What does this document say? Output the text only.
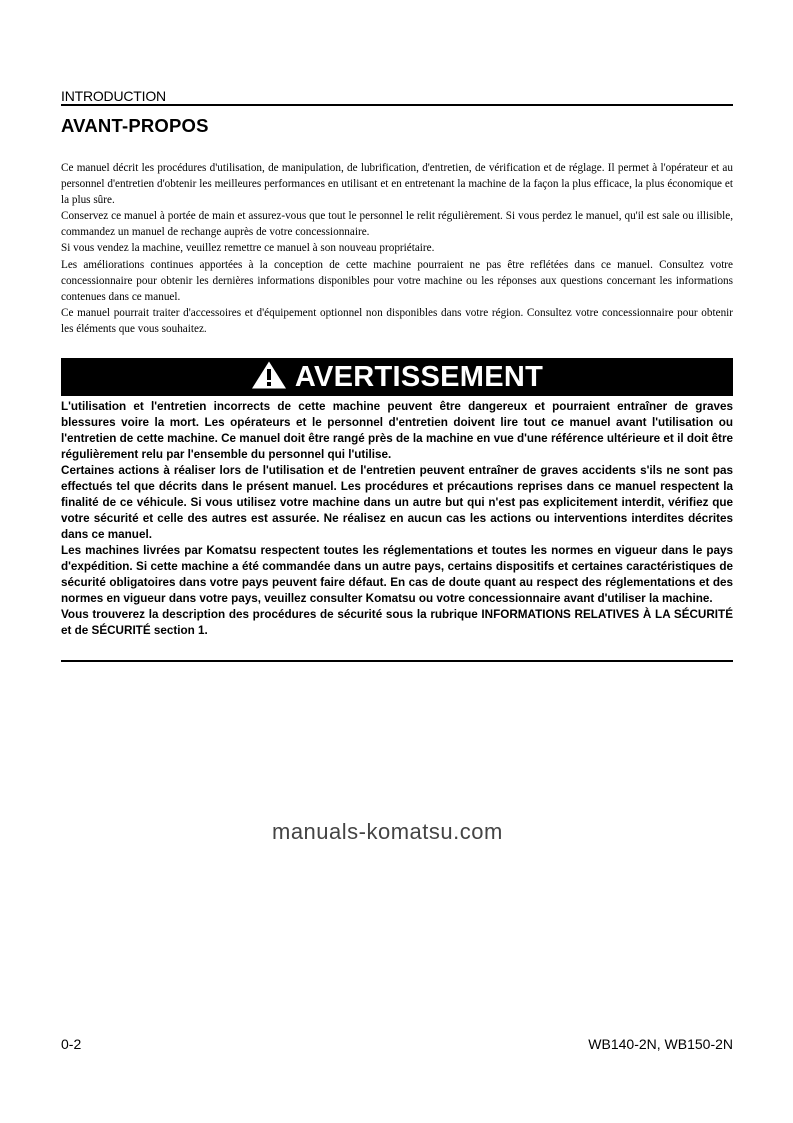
INTRODUCTION
AVANT-PROPOS

Ce manuel décrit les procédures d'utilisation, de manipulation, de lubrification, d'entretien, de vérification et de réglage. Il permet à l'opérateur et au personnel d'entretien d'obtenir les meilleures performances en utilisant et en entretenant la machine de la façon la plus efficace, la plus économique et la plus sûre.

Conservez ce manuel à portée de main et assurez-vous que tout le personnel le relit régulièrement. Si vous perdez le manuel, qu'il est sale ou illisible, commandez un manuel de rechange auprès de votre concessionnaire.

Si vous vendez la machine, veuillez remettre ce manuel à son nouveau propriétaire.

Les améliorations continues apportées à la conception de cette machine pourraient ne pas être reflétées dans ce manuel. Consultez votre concessionnaire pour obtenir les dernières informations disponibles pour votre machine ou les réponses aux questions concernant les informations contenues dans ce manuel.

Ce manuel pourrait traiter d'accessoires et d'équipement optionnel non disponibles dans votre région. Consultez votre concessionnaire pour obtenir les éléments que vous souhaitez.

AVERTISSEMENT

L'utilisation et l'entretien incorrects de cette machine peuvent être dangereux et pourraient entraîner de graves blessures voire la mort. Les opérateurs et le personnel d'entretien doivent lire tout ce manuel avant l'utilisation ou l'entretien de cette machine. Ce manuel doit être rangé près de la machine en vue d'une référence ultérieure et il doit être régulièrement relu par l'ensemble du personnel qui l'utilise.

Certaines actions à réaliser lors de l'utilisation et de l'entretien peuvent entraîner de graves accidents s'ils ne sont pas effectués tel que décrits dans le présent manuel. Les procédures et précautions reprises dans ce manuel respectent la finalité de ce véhicule. Si vous utilisez votre machine dans un autre but qui n'est pas explicitement interdit, vérifiez que votre sécurité et celle des autres est assurée. Ne réalisez en aucun cas les actions ou interventions interdites décrites dans ce manuel.

Les machines livrées par Komatsu respectent toutes les réglementations et toutes les normes en vigueur dans le pays d'expédition. Si cette machine a été commandée dans un autre pays, certains dispositifs et certaines caractéristiques de sécurité obligatoires dans votre pays peuvent faire défaut. En cas de doute quant au respect des réglementations et des normes en vigueur dans votre pays, veuillez consulter Komatsu ou votre concessionnaire avant d'utiliser la machine.

Vous trouverez la description des procédures de sécurité sous la rubrique INFORMATIONS RELATIVES À LA SÉCURITÉ et de SÉCURITÉ section 1.

manuals-komatsu.com
0-2	WB140-2N, WB150-2N
